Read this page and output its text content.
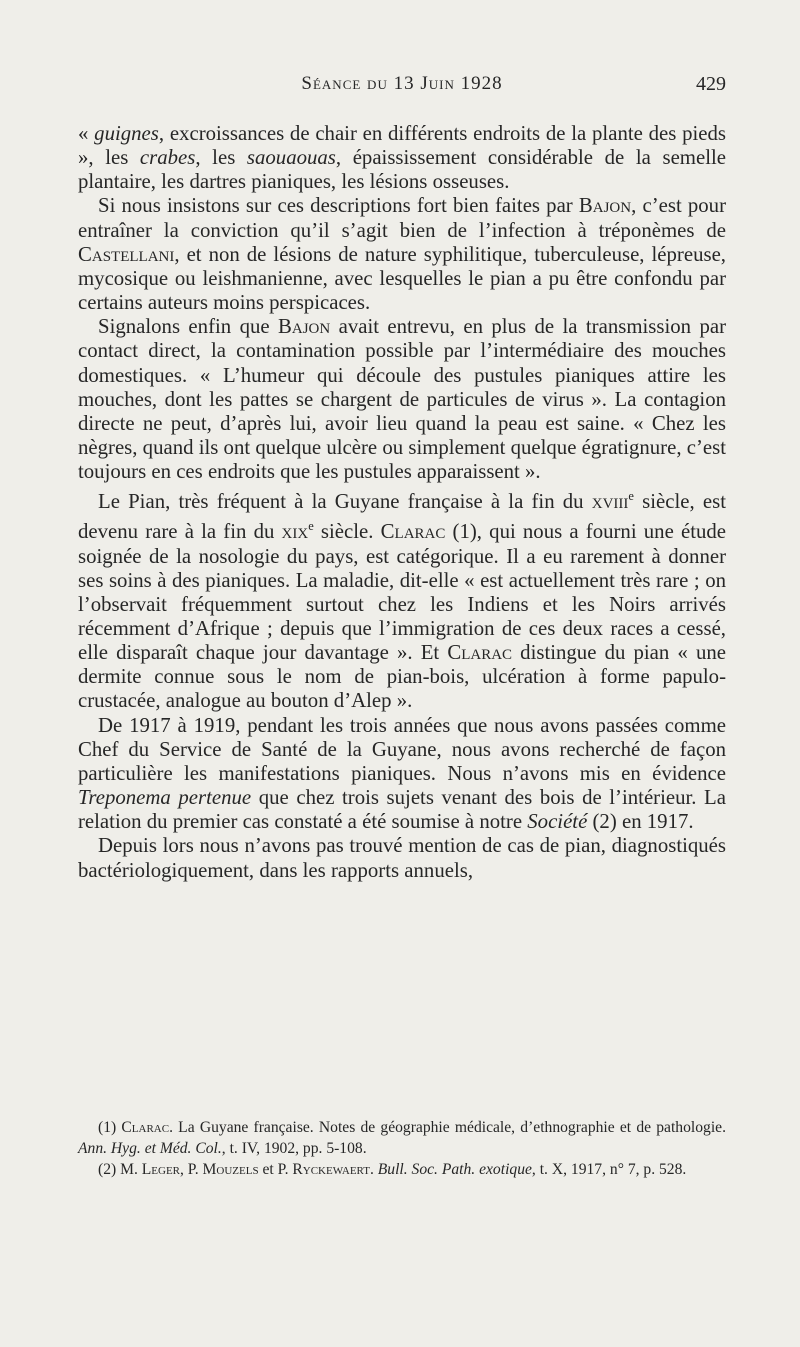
Séance du 13 Juin 1928	429

« guignes, excroissances de chair en différents endroits de la plante des pieds », les crabes, les saouaouas, épaississement considérable de la semelle plantaire, les dartres pianiques, les lésions osseuses.

Si nous insistons sur ces descriptions fort bien faites par Bajon, c’est pour entraîner la conviction qu’il s’agit bien de l’infection à tréponèmes de Castellani, et non de lésions de nature syphilitique, tuberculeuse, lépreuse, mycosique ou leishmanienne, avec lesquelles le pian a pu être confondu par certains auteurs moins perspicaces.

Signalons enfin que Bajon avait entrevu, en plus de la transmission par contact direct, la contamination possible par l’intermédiaire des mouches domestiques. « L’humeur qui découle des pustules pianiques attire les mouches, dont les pattes se chargent de particules de virus ». La contagion directe ne peut, d’après lui, avoir lieu quand la peau est saine. « Chez les nègres, quand ils ont quelque ulcère ou simplement quelque égratignure, c’est toujours en ces endroits que les pustules apparaissent ».

Le Pian, très fréquent à la Guyane française à la fin du xviii$^e$ siècle, est devenu rare à la fin du xix$^e$ siècle. Clarac (1), qui nous a fourni une étude soignée de la nosologie du pays, est catégorique. Il a eu rarement à donner ses soins à des pianiques. La maladie, dit-elle « est actuellement très rare ; on l’observait fréquemment surtout chez les Indiens et les Noirs arrivés récemment d’Afrique ; depuis que l’immigration de ces deux races a cessé, elle disparaît chaque jour davantage ». Et Clarac distingue du pian « une dermite connue sous le nom de pian-bois, ulcération à forme papulo-crustacée, analogue au bouton d’Alep ».

De 1917 à 1919, pendant les trois années que nous avons passées comme Chef du Service de Santé de la Guyane, nous avons recherché de façon particulière les manifestations pianiques. Nous n’avons mis en évidence Treponema pertenue que chez trois sujets venant des bois de l’intérieur. La relation du premier cas constaté a été soumise à notre Société (2) en 1917.

Depuis lors nous n’avons pas trouvé mention de cas de pian, diagnostiqués bactériologiquement, dans les rapports annuels,

(1) Clarac. La Guyane française. Notes de géographie médicale, d’ethnographie et de pathologie. Ann. Hyg. et Méd. Col., t. IV, 1902, pp. 5-108.

(2) M. Leger, P. Mouzels et P. Ryckewaert. Bull. Soc. Path. exotique, t. X, 1917, n° 7, p. 528.
